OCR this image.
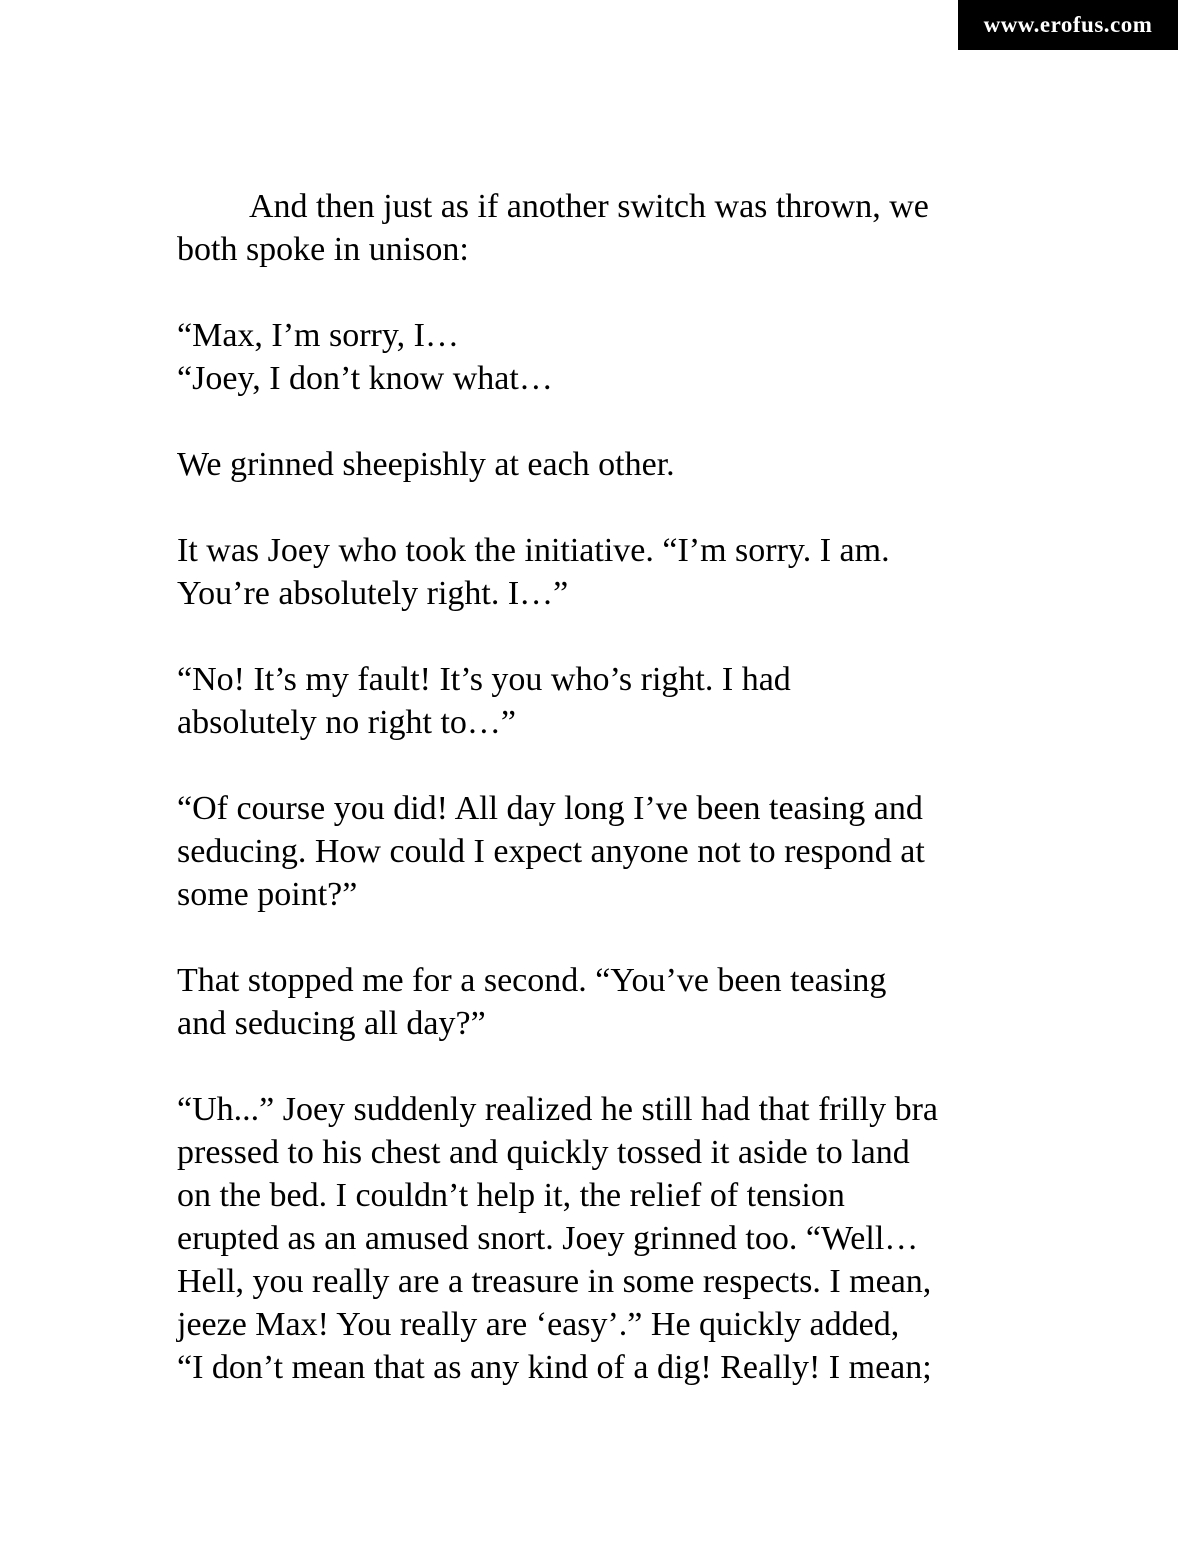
www.erofus.com

And then just as if another switch was thrown, we
both spoke in unison:

“Max, I’m sorry, I…
“Joey, I don’t know what…

We grinned sheepishly at each other.

It was Joey who took the initiative. “I’m sorry. I am.
You’re absolutely right. I…”

“No! It’s my fault! It’s you who’s right. I had
absolutely no right to…”

“Of course you did! All day long I’ve been teasing and
seducing. How could I expect anyone not to respond at
some point?”

That stopped me for a second. “You’ve been teasing
and seducing all day?”

“Uh...” Joey suddenly realized he still had that frilly bra
pressed to his chest and quickly tossed it aside to land
on the bed. I couldn’t help it, the relief of tension
erupted as an amused snort. Joey grinned too. “Well…
Hell, you really are a treasure in some respects. I mean,
jeeze Max! You really are ‘easy’.” He quickly added,
“I don’t mean that as any kind of a dig! Really! I mean;
